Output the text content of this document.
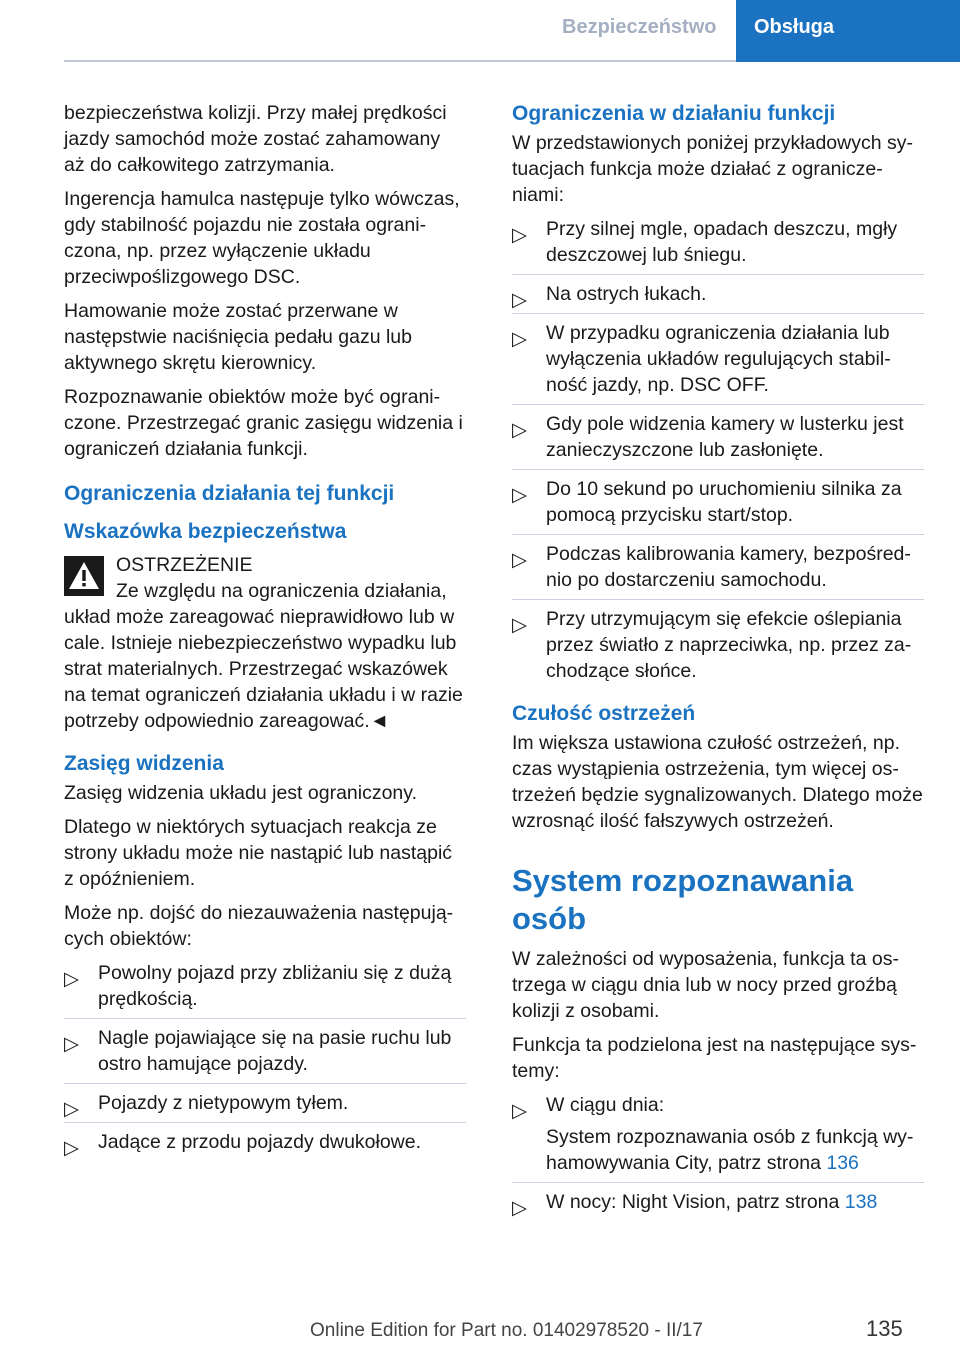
Bezpieczeństwo Obsługa

bezpieczeństwa kolizji. Przy małej prędkości jazdy samochód może zostać zahamowany aż do całkowitego zatrzymania.

Ingerencja hamulca następuje tylko wówczas, gdy stabilność pojazdu nie została ograniczona, np. przez wyłączenie układu przeciwpoślizgowego DSC.

Hamowanie może zostać przerwane w następstwie naciśnięcia pedału gazu lub aktywnego skrętu kierownicy.

Rozpoznawanie obiektów może być ograniczone. Przestrzegać granic zasięgu widzenia i ograniczeń działania funkcji.

Ograniczenia działania tej funkcji
Wskazówka bezpieczeństwa
OSTRZEŻENIE

Ze względu na ograniczenia działania, układ może zareagować nieprawidłowo lub w cale. Istnieje niebezpieczeństwo wypadku lub strat materialnych. Przestrzegać wskazówek na temat ograniczeń działania układu i w razie potrzeby odpowiednio zareagować.◄

Zasięg widzenia

Zasięg widzenia układu jest ograniczony.

Dlatego w niektórych sytuacjach reakcja ze strony układu może nie nastąpić lub nastąpić z opóźnieniem.

Może np. dojść do niezauważenia następujących obiektów:

▷ Powolny pojazd przy zbliżaniu się z dużą prędkością.
▷ Nagle pojawiające się na pasie ruchu lub ostro hamujące pojazdy.
▷ Pojazdy z nietypowym tyłem.
▷ Jadące z przodu pojazdy dwukołowe.
Ograniczenia w działaniu funkcji

W przedstawionych poniżej przykładowych sytuacjach funkcja może działać z ograniczeniami:

▷ Przy silnej mgle, opadach deszczu, mgły deszczowej lub śniegu.
▷ Na ostrych łukach.
▷ W przypadku ograniczenia działania lub wyłączenia układów regulujących stabilność jazdy, np. DSC OFF.
▷ Gdy pole widzenia kamery w lusterku jest zanieczyszczone lub zasłonięte.
▷ Do 10 sekund po uruchomieniu silnika za pomocą przycisku start/stop.
▷ Podczas kalibrowania kamery, bezpośrednio po dostarczeniu samochodu.
▷ Przy utrzymującym się efekcie oślepiania przez światło z naprzeciwka, np. przez zachodzące słońce.
Czułość ostrzeżeń

Im większa ustawiona czułość ostrzeżeń, np. czas wystąpienia ostrzeżenia, tym więcej ostrzeżeń będzie sygnalizowanych. Dlatego może wzrosnąć ilość fałszywych ostrzeżeń.

System rozpoznawania osób

W zależności od wyposażenia, funkcja ta ostrzega w ciągu dnia lub w nocy przed groźbą kolizji z osobami.

Funkcja ta podzielona jest na następujące systemy:

▷ W ciągu dnia:
System rozpoznawania osób z funkcją wyhamowywania City, patrz strona 136
▷ W nocy: Night Vision, patrz strona 138
Online Edition for Part no. 01402978520 - II/17	135
